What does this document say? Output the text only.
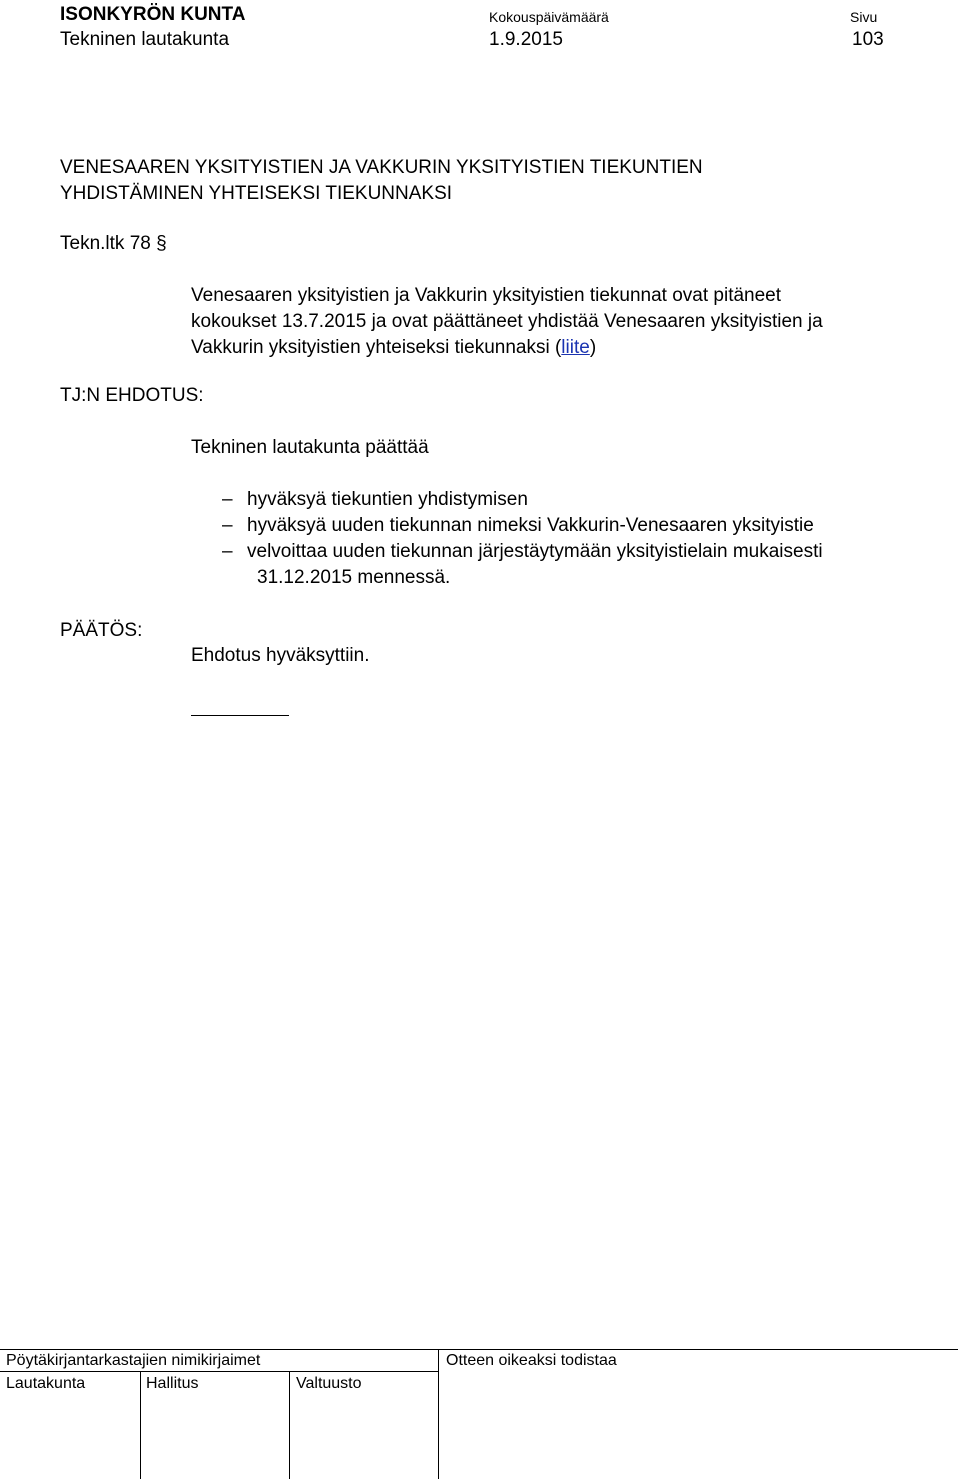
ISONKYRÖN KUNTA
Tekninen lautakunta
Kokouspäivämäärä
1.9.2015
Sivu
103
VENESAAREN YKSITYISTIEN JA VAKKURIN YKSITYISTIEN TIEKUNTIEN
YHDISTÄMINEN YHTEISEKSI TIEKUNNAKSI
Tekn.ltk 78 §
Venesaaren yksityistien ja Vakkurin yksityistien tiekunnat ovat pitäneet
kokoukset 13.7.2015 ja ovat päättäneet yhdistää Venesaaren yksityistien ja
Vakkurin yksityistien yhteiseksi tiekunnaksi (liite)
TJ:N EHDOTUS:
Tekninen lautakunta päättää
– hyväksyä tiekuntien yhdistymisen
– hyväksyä uuden tiekunnan nimeksi Vakkurin-Venesaaren yksityistie
– velvoittaa uuden tiekunnan järjestäytymään yksityistielain mukaisesti
31.12.2015 mennessä.
PÄÄTÖS:
Ehdotus hyväksyttiin.
Pöytäkirjantarkastajien nimikirjaimet	Otteen oikeaksi todistaa
Lautakunta	Hallitus	Valtuusto
